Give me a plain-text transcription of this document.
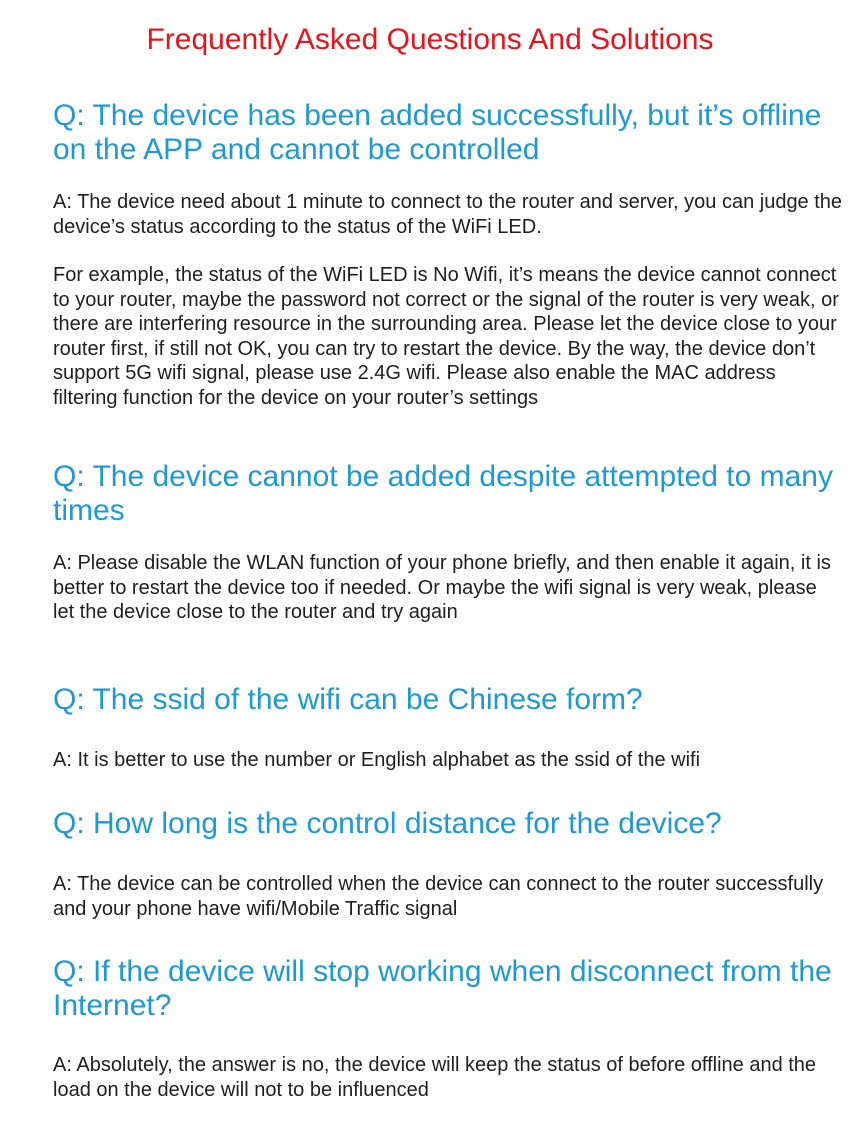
Frequently Asked Questions And Solutions

Q: The device has been added successfully, but it’s offline on the APP and cannot be controlled

A: The device need about 1 minute to connect to the router and server, you can judge the device’s status according to the status of the WiFi LED.

For example, the status of the WiFi LED is No Wifi, it’s means the device cannot connect to your router, maybe the password not correct or the signal of the router is very weak, or there are interfering resource in the surrounding area. Please let the device close to your router first, if still not OK, you can try to restart the device. By the way, the device don’t support 5G wifi signal, please use 2.4G wifi. Please also enable the MAC address filtering function for the device on your router’s settings

Q: The device cannot be added despite attempted to many times

A: Please disable the WLAN function of your phone briefly, and then enable it again, it is better to restart the device too if needed. Or maybe the wifi signal is very weak, please let the device close to the router and try again

Q: The ssid of the wifi can be Chinese form?

A: It is better to use the number or English alphabet as the ssid of the wifi

Q: How long is the control distance for the device?

A: The device can be controlled when the device can connect to the router successfully and your phone have wifi/Mobile Traffic signal

Q: If the device will stop working when disconnect from the Internet?

A: Absolutely, the answer is no, the device will keep the status of before offline and the load on the device will not to be influenced
